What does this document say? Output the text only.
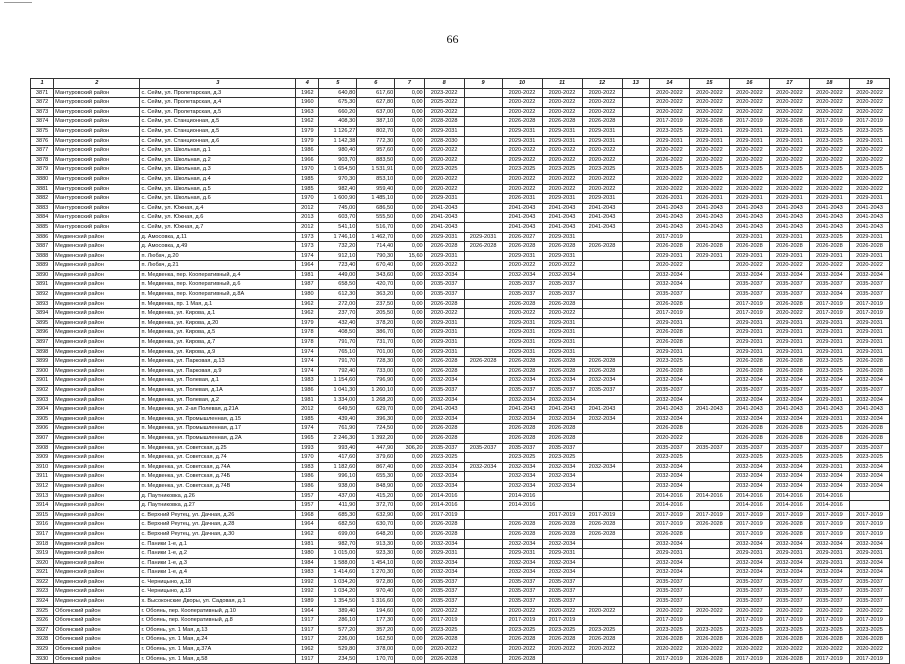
66
1	2	3	4	5	6	7	8	9	10	11	12	13	14	15	16	17	18	19
3871	Мантуровский район	с. Сейм, ул. Пролетарская, д.3	1962	640,80	617,60	0,00	2023-2022		2020-2022	2020-2022	2020-2022		2020-2022	2020-2022	2020-2022	2020-2022	2020-2022	2020-2022
3872	Мантуровский район	с. Сейм, ул. Пролетарская, д.4	1960	675,30	627,80	0,00	2025-2022		2020-2022	2020-2022	2020-2022		2020-2022	2020-2022	2020-2022	2020-2022	2020-2022	2020-2022
3873	Мантуровский район	с. Сейм, ул. Пролетарская, д.5	1963	660,20	637,00	0,00	2020-2022		2020-2022	2020-2022	2020-2022		2020-2022	2020-2022	2020-2022	2020-2022	2020-2022	2020-2022
3874	Мантуровский район	с. Сейм, ул. Станционная, д.5	1962	408,30	387,10	0,00	2028-2028		2026-2028	2026-2028	2026-2028		2017-2019	2026-2028	2017-2019	2026-2028	2017-2019	2017-2019
3875	Мантуровский район	с. Сейм, ул. Станционная, д.5	1979	1 126,27	802,70	0,00	2029-2031		2029-2031	2029-2031	2029-2031		2023-2025	2029-2031	2029-2031	2029-2031	2023-2025	2023-2025
3876	Мантуровский район	с. Сейм, ул. Станционная, д.6	1979	1 142,38	772,30	0,00	2028-2030		2029-2031	2029-2031	2029-2031		2029-2031	2029-2031	2029-2031	2029-2031	2023-2025	2029-2031
3877	Мантуровский район	с. Сейм, ул. Школьная, д.1	1986	980,40	957,60	0,00	2020-2022		2020-2022	2020-2022	2020-2022		2020-2022	2020-2022	2020-2022	2020-2022	2020-2022	2020-2022
3878	Мантуровский район	с. Сейм, ул. Школьная, д.2	1966	903,70	883,50	0,00	2020-2022		2029-2022	2020-2022	2020-2022		2026-2022	2020-2022	2020-2022	2020-2022	2020-2022	2020-2022
3879	Мантуровский район	с. Сейм, ул. Школьная, д.3	1970	1 654,50	1 531,91	0,00	2023-2025		2023-2025	2023-2025	2023-2025		2023-2025	2023-2025	2023-2025	2023-2025	2023-2025	2023-2025
3880	Мантуровский район	с. Сейм, ул. Школьная, д.4	1985	970,30	853,10	0,00	2020-2022		2020-2022	2020-2022	2020-2022		2020-2022	2020-2022	2020-2022	2020-2022	2020-2022	2020-2022
3881	Мантуровский район	с. Сейм, ул. Школьная, д.5	1985	982,40	959,40	0,00	2020-2022		2020-2022	2020-2022	2020-2022		2020-2022	2020-2022	2020-2022	2020-2022	2020-2022	2020-2022
3882	Мантуровский район	с. Сейм, ул. Школьная, д.6	1970	1 600,90	1 485,10	0,00	2029-2031		2026-2031	2029-2031	2029-2031		2026-2031	2026-2031	2029-2031	2029-2031	2029-2031	2029-2031
3883	Мантуровский район	с. Сейм, ул. Южная, д.4	2012	745,00	686,50	0,00	2041-2043		2041-2043	2041-2043	2041-2043		2041-2043	2041-2043	2041-2043	2041-2043	2041-2043	2041-2043
3884	Мантуровский район	с. Сейм, ул. Южная, д.6	2013	603,70	555,50	0,00	2041-2043		2041-2043	2041-2043	2041-2043		2041-2043	2041-2043	2041-2043	2041-2043	2041-2043	2041-2043
3885	Мантуровский район	с. Сейм, ул. Южная, д.7	2012	541,10	516,70	0,00	2041-2043		2041-2043	2041-2043	2041-2043		2041-2043	2041-2043	2041-2043	2041-2043	2041-2043	2041-2043
3886	Медвенский район	д. Амосовка, д.11	1973	1 746,10	1 462,70	0,00	2029-2031	2029-2031	2026-2027	2029-2031			2017-2019		2029-2031	2029-2031	2023-2025	2029-2031
3887	Медвенский район	д. Амосовка, д.49	1973	732,20	714,40	0,00	2026-2028	2026-2028	2026-2028	2026-2028	2026-2028		2026-2028	2026-2028	2026-2028	2026-2028	2026-2028	2026-2028
3888	Медвенский район	п. Любач, д.20	1974	912,10	790,30	15,60	2029-2031		2029-2031	2029-2031			2029-2031	2029-2031	2029-2031	2029-2031	2029-2031	2029-2031
3889	Медвенский район	п. Любач, д.21	1964	723,40	670,40	0,00	2020-2022		2020-2022	2020-2022			2020-2022		2020-2022	2020-2022	2020-2022	2020-2022
3890	Медвенский район	п. Медвенка, пер. Кооперативный, д.4	1981	449,00	343,60	0,00	2032-2034		2032-2034	2032-2034			2032-2034		2032-2034	2032-2034	2032-2034	2032-2034
3891	Медвенский район	п. Медвенка, пер. Кооперативный, д.6	1987	658,50	420,70	0,00	2035-2037		2035-2037	2035-2037			2032-2034		2035-2037	2035-2037	2035-2037	2035-2037
3892	Медвенский район	п. Медвенка, пер. Кооперативный, д.8А	1980	612,30	363,20	0,00	2035-2037		2035-2037	2035-2037			2035-2037		2035-2037	2035-2037	2032-2034	2035-2037
3893	Медвенский район	п. Медвенка, пр. 1 Мая, д.1	1962	272,00	237,50	0,00	2026-2028		2026-2028	2026-2028			2026-2028		2017-2019	2026-2028	2017-2019	2017-2019
3894	Медвенский район	п. Медвенка, ул. Кирова, д.1	1962	237,70	205,50	0,00	2020-2022		2020-2022	2020-2022			2017-2019		2017-2019	2020-2022	2017-2019	2017-2019
3895	Медвенский район	п. Медвенка, ул. Кирова, д.20	1979	432,40	378,20	0,00	2029-2031		2029-2031	2029-2031			2029-2031		2029-2031	2029-2031	2029-2031	2029-2031
3896	Медвенский район	п. Медвенка, ул. Кирова, д.5	1978	408,50	386,70	0,00	2029-2031		2029-2031	2029-2031			2026-2028		2029-2031	2029-2031	2029-2031	2029-2031
3897	Медвенский район	п. Медвенка, ул. Кирова, д.7	1978	791,70	731,70	0,00	2029-2031		2029-2031	2029-2031			2026-2028		2029-2031	2029-2031	2029-2031	2029-2031
3898	Медвенский район	п. Медвенка, ул. Кирова, д.9	1974	765,10	701,00	0,00	2029-2031		2029-2031	2029-2031			2029-2031		2029-2031	2029-2031	2029-2031	2029-2031
3899	Медвенский район	п. Медвенка, ул. Парковая, д.13	1974	791,70	728,30	0,00	2026-2028	2026-2028	2026-2028	2026-2028	2026-2028		2023-2025		2026-2028	2026-2028	2023-2025	2026-2028
3900	Медвенский район	п. Медвенка, ул. Парковая, д.9	1974	792,40	733,00	0,00	2026-2028		2026-2028	2026-2028	2026-2028		2026-2028		2026-2028	2026-2028	2023-2025	2026-2028
3901	Медвенский район	п. Медвенка, ул. Полевая, д.1	1983	1 154,60	796,90	0,00	2032-2034		2032-2034	2032-2034	2032-2034		2032-2034		2032-2034	2032-2034	2032-2034	2032-2034
3902	Медвенский район	п. Медвенка, ул. Полевая, д.1А	1986	1 041,30	1 260,10	0,00	2035-2037		2035-2037	2035-2037	2035-2037		2035-2037		2035-2037	2035-2037	2035-2037	2035-2037
3903	Медвенский район	п. Медвенка, ул. Полевая, д.2	1981	1 334,00	1 268,20	0,00	2032-2034		2032-2034	2032-2034			2032-2034		2032-2034	2032-2034	2029-2031	2032-2034
3904	Медвенский район	п. Медвенка, ул. 2-ая Полевая, д.21А	2012	649,50	629,70	0,00	2041-2043		2041-2043	2041-2043	2041-2043		2041-2043	2041-2043	2041-2043	2041-2043	2041-2043	2041-2043
3905	Медвенский район	п. Медвенка, ул. Промышленная, д.15	1985	439,40	396,30	0,00	2032-2034		2032-2034	2032-2034	2032-2034		2032-2034		2032-2034	2032-2034	2029-2031	2032-2034
3906	Медвенский район	п. Медвенка, ул. Промышленная, д.17	1974	761,90	724,50	0,00	2026-2028		2026-2028	2026-2028			2026-2028		2026-2028	2026-2028	2023-2025	2026-2028
3907	Медвенский район	п. Медвенка, ул. Промышленная, д.2А	1965	2 246,30	1 392,20	0,00	2026-2028		2026-2028	2026-2028			2020-2022		2026-2028	2026-2028	2026-2028	2026-2028
3908	Медвенский район	п. Медвенка, ул. Советская, д.25	1993	993,40	447,90	306,20	2035-2037	2035-2037	2035-2037	2035-2037			2035-2037	2035-2037	2035-2037	2035-2037	2035-2037	2035-2037
3909	Медвенский район	п. Медвенка, ул. Советская, д.74	1970	417,60	379,60	0,00	2023-2025		2023-2025	2023-2025			2023-2025		2023-2025	2023-2025	2023-2025	2023-2025
3910	Медвенский район	п. Медвенка, ул. Советская, д.74А	1983	1 182,60	867,40	0,00	2032-2034	2032-2034	2032-2034	2032-2034	2032-2034		2032-2034		2032-2034	2032-2034	2029-2031	2032-2034
3911	Медвенский район	п. Медвенка, ул. Советская, д.74Б	1986	996,10	655,30	0,00	2032-2034		2032-2034	2032-2034			2032-2034		2032-2034	2032-2034	2032-2034	2032-2034
3912	Медвенский район	п. Медвенка, ул. Советская, д.74В	1986	938,00	848,90	0,00	2032-2034		2032-2034	2032-2034			2032-2034		2032-2034	2032-2034	2032-2034	2032-2034
3913	Медвенский район	д. Паутниковка, д.26	1957	437,00	415,20	0,00	2014-2016		2014-2016				2014-2016	2014-2016	2014-2016	2014-2016	2014-2016	
3914	Медвенский район	д. Паутниковка, д.27	1957	411,90	372,70	0,00	2014-2016		2014-2016				2014-2016		2014-2016	2014-2016	2014-2016	
3915	Медвенский район	с. Верхний Реутец, ул. Дачная, д.26	1968	685,30	632,90	0,00	2017-2019			2017-2019	2017-2019		2017-2019	2017-2019	2017-2019	2017-2019	2017-2019	2017-2019
3916	Медвенский район	с. Верхний Реутец, ул. Дачная, д.28	1964	682,50	630,70	0,00	2026-2028		2026-2028	2026-2028	2026-2028		2017-2019	2026-2028	2017-2019	2026-2028	2017-2019	2017-2019
3917	Медвенский район	с. Верхний Реутец, ул. Дачная, д.30	1962	699,00	648,20	0,00	2026-2028		2026-2028	2026-2028	2026-2028		2026-2028		2017-2019	2026-2028	2017-2019	2017-2019
3918	Медвенский район	с. Паники 1-е, д.1	1981	982,70	913,30	0,00	2032-2034		2032-2034	2032-2034			2032-2034		2032-2034	2032-2034	2032-2034	2032-2034
3919	Медвенский район	с. Паники 1-е, д.2	1980	1 015,00	923,30	0,00	2029-2031		2029-2031	2029-2031			2029-2031		2029-2031	2029-2031	2029-2031	2029-2031
3920	Медвенский район	с. Паники 1-е, д.3	1984	1 588,00	1 454,10	0,00	2032-2034		2032-2034	2032-2034			2032-2034		2032-2034	2032-2034	2029-2031	2032-2034
3921	Медвенский район	с. Паники 1-е, д.4	1983	1 414,60	1 270,30	0,00	2032-2034		2032-2034	2032-2034			2032-2034		2032-2034	2032-2034	2032-2034	2032-2034
3922	Медвенский район	с. Черницыно, д.18	1992	1 034,20	972,80	0,00	2035-2037		2035-2037	2035-2037			2035-2037		2035-2037	2035-2037	2035-2037	2035-2037
3923	Медвенский район	с. Черницыно, д.19	1992	1 034,20	970,40	0,00	2035-2037		2035-2037	2035-2037			2035-2037		2035-2037	2035-2037	2035-2037	2035-2037
3924	Медвенский район	х. Высоконские Дворы, ул. Садовая, д.1	1989	1 354,50	1 316,60	0,00	2035-2037		2035-2037	2035-2037			2035-2037		2035-2037	2035-2037	2035-2037	2035-2037
3925	Обоянский район	г. Обоянь, пер. Кооперативный, д.10	1964	389,40	194,60	0,00	2020-2022		2020-2022	2020-2022	2020-2022		2020-2022	2020-2022	2020-2022	2020-2022	2020-2022	2020-2022
3926	Обоянский район	г. Обоянь, пер. Кооперативный, д.8	1917	286,10	177,30	0,00	2017-2019		2017-2019	2017-2019			2017-2019		2017-2019	2017-2019	2017-2019	2017-2019
3927	Обоянский район	г. Обоянь, ул. 1 Мая, д.13	1917	577,20	357,20	0,00	2023-2025		2023-2025	2023-2025	2023-2025		2023-2025	2023-2025	2023-2025	2023-2025	2023-2025	2023-2025
3928	Обоянский район	г. Обоянь, ул. 1 Мая, д.24	1917	226,00	162,50	0,00	2026-2028		2026-2028	2026-2028	2026-2028		2026-2028	2026-2028	2026-2028	2026-2028	2026-2028	2026-2028
3929	Обоянский район	г. Обоянь, ул. 1 Мая, д.37А	1962	529,80	378,00	0,00	2020-2022		2020-2022	2020-2022	2020-2022		2020-2022	2020-2022	2020-2022	2020-2022	2020-2022	2020-2022
3930	Обоянский район	г. Обоянь, ул. 1 Мая, д.58	1917	234,50	170,70	0,00	2026-2028		2026-2028				2017-2019	2026-2028	2017-2019	2026-2028	2017-2019	2017-2019
